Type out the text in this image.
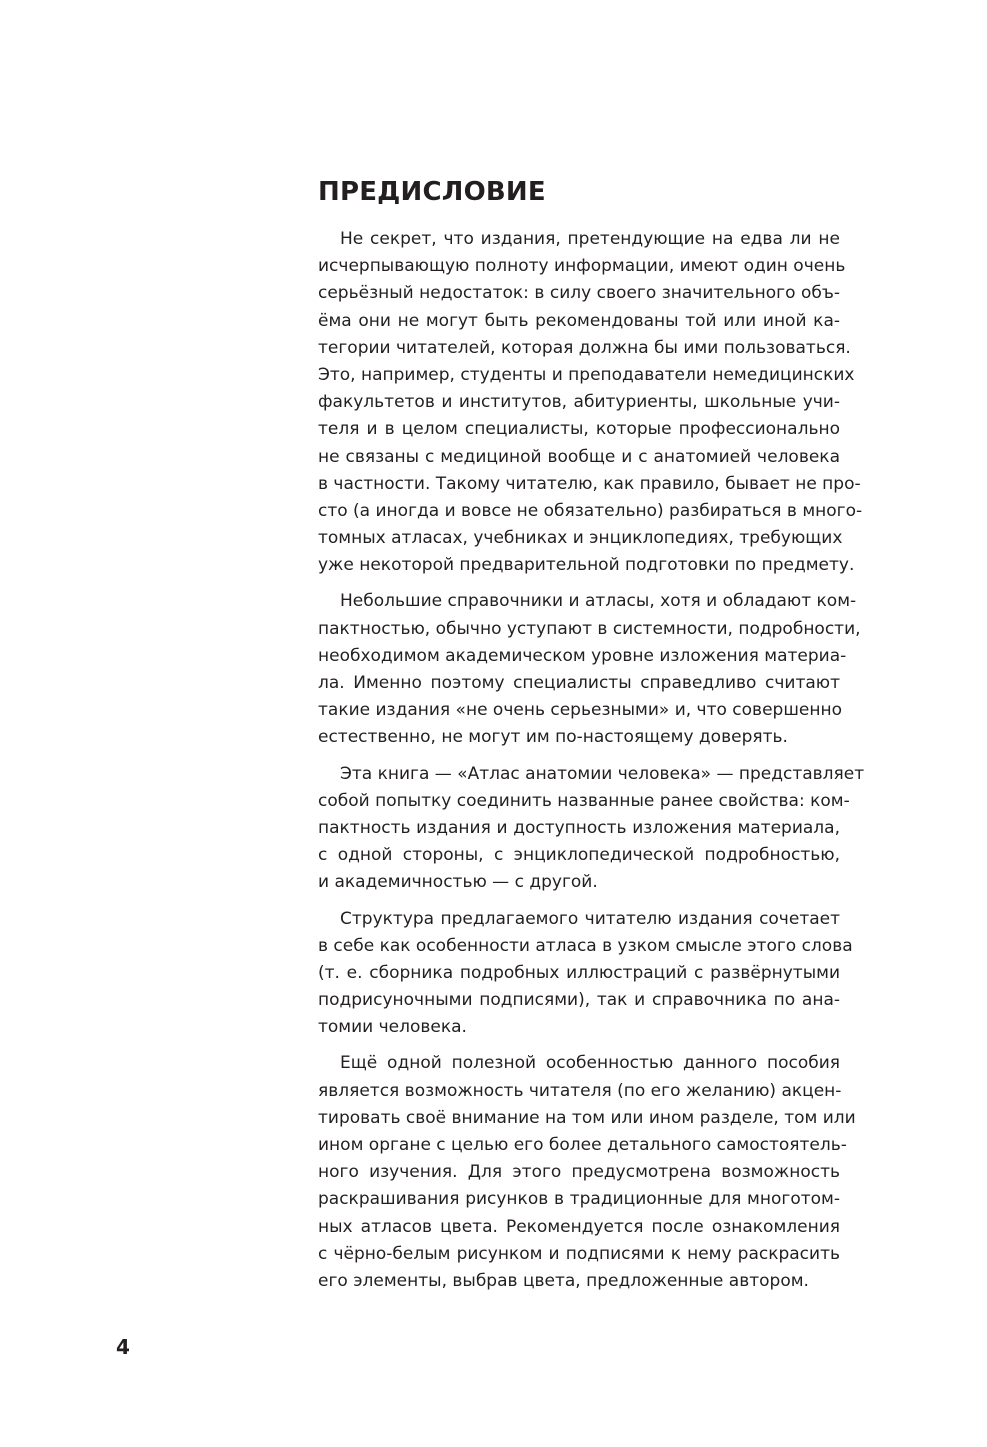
ПРЕДИСЛОВИЕ
Не секрет, что издания, претендующие на едва ли не
исчерпывающую полноту информации, имеют один очень
серьёзный недостаток: в силу своего значительного объ-
ёма они не могут быть рекомендованы той или иной ка-
тегории читателей, которая должна бы ими пользоваться.
Это, например, студенты и преподаватели немедицинских
факультетов и институтов, абитуриенты, школьные учи-
теля и в целом специалисты, которые профессионально
не связаны с медициной вообще и с анатомией человека
в частности. Такому читателю, как правило, бывает не про-
сто (а иногда и вовсе не обязательно) разбираться в много-
томных атласах, учебниках и энциклопедиях, требующих
уже некоторой предварительной подготовки по предмету.
Небольшие справочники и атласы, хотя и обладают ком-
пактностью, обычно уступают в системности, подробности,
необходимом академическом уровне изложения материа-
ла. Именно поэтому специалисты справедливо считают
такие издания «не очень серьезными» и, что совершенно
естественно, не могут им по-настоящему доверять.
Эта книга — «Атлас анатомии человека» — представляет
собой попытку соединить названные ранее свойства: ком-
пактность издания и доступность изложения материала,
с одной стороны, с энциклопедической подробностью,
и академичностью — с другой.
Структура предлагаемого читателю издания сочетает
в себе как особенности атласа в узком смысле этого слова
(т. е. сборника подробных иллюстраций с развёрнутыми
подрисуночными подписями), так и справочника по ана-
томии человека.
Ещё одной полезной особенностью данного пособия
является возможность читателя (по его желанию) акцен-
тировать своё внимание на том или ином разделе, том или
ином органе с целью его более детального самостоятель-
ного изучения. Для этого предусмотрена возможность
раскрашивания рисунков в традиционные для многотом-
ных атласов цвета. Рекомендуется после ознакомления
с чёрно-белым рисунком и подписями к нему раскрасить
его элементы, выбрав цвета, предложенные автором.
4
